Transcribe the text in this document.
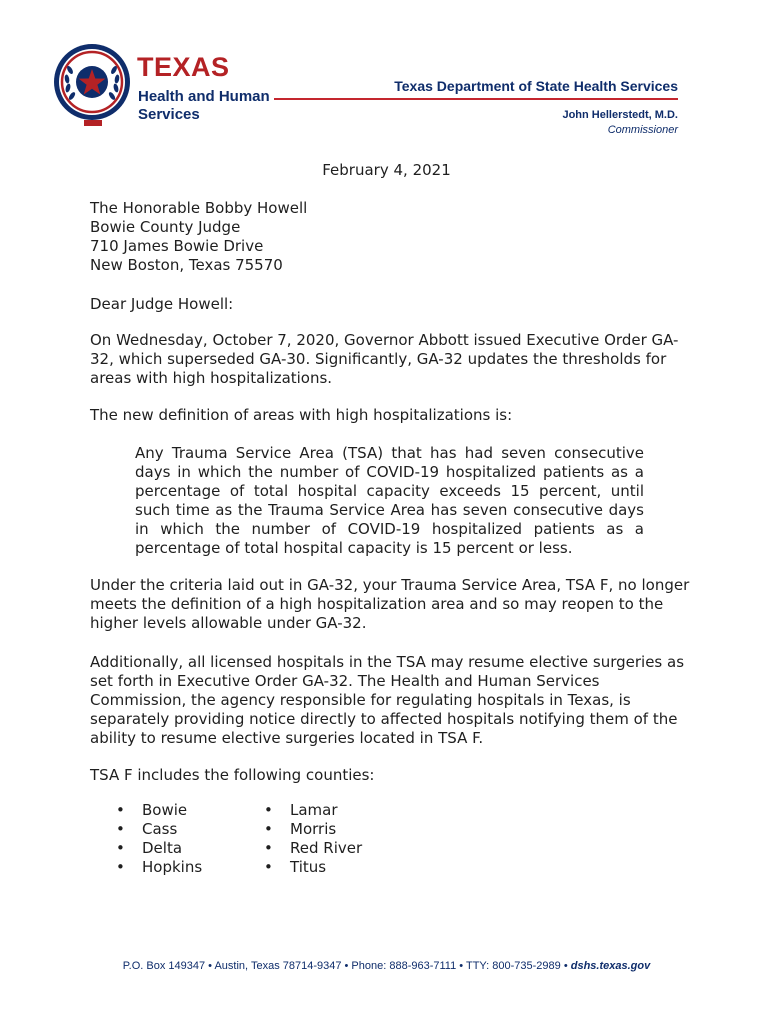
TEXAS
Health and Human
Services
Texas Department of State Health Services
John Hellerstedt, M.D.
Commissioner
February 4, 2021
The Honorable Bobby Howell
Bowie County Judge
710 James Bowie Drive
New Boston, Texas 75570
Dear Judge Howell:
On Wednesday, October 7, 2020, Governor Abbott issued Executive Order GA-32, which superseded GA-30. Significantly, GA-32 updates the thresholds for areas with high hospitalizations.
The new definition of areas with high hospitalizations is:
Any Trauma Service Area (TSA) that has had seven consecutive days in which the number of COVID-19 hospitalized patients as a percentage of total hospital capacity exceeds 15 percent, until such time as the Trauma Service Area has seven consecutive days in which the number of COVID-19 hospitalized patients as a percentage of total hospital capacity is 15 percent or less.
Under the criteria laid out in GA-32, your Trauma Service Area, TSA F, no longer meets the definition of a high hospitalization area and so may reopen to the higher levels allowable under GA-32.
Additionally, all licensed hospitals in the TSA may resume elective surgeries as set forth in Executive Order GA-32. The Health and Human Services Commission, the agency responsible for regulating hospitals in Texas, is separately providing notice directly to affected hospitals notifying them of the ability to resume elective surgeries located in TSA F.
TSA F includes the following counties:
• Bowie
• Cass
• Delta
• Hopkins
• Lamar
• Morris
• Red River
• Titus
P.O. Box 149347 • Austin, Texas 78714-9347 • Phone: 888-963-7111 • TTY: 800-735-2989 • dshs.texas.gov
